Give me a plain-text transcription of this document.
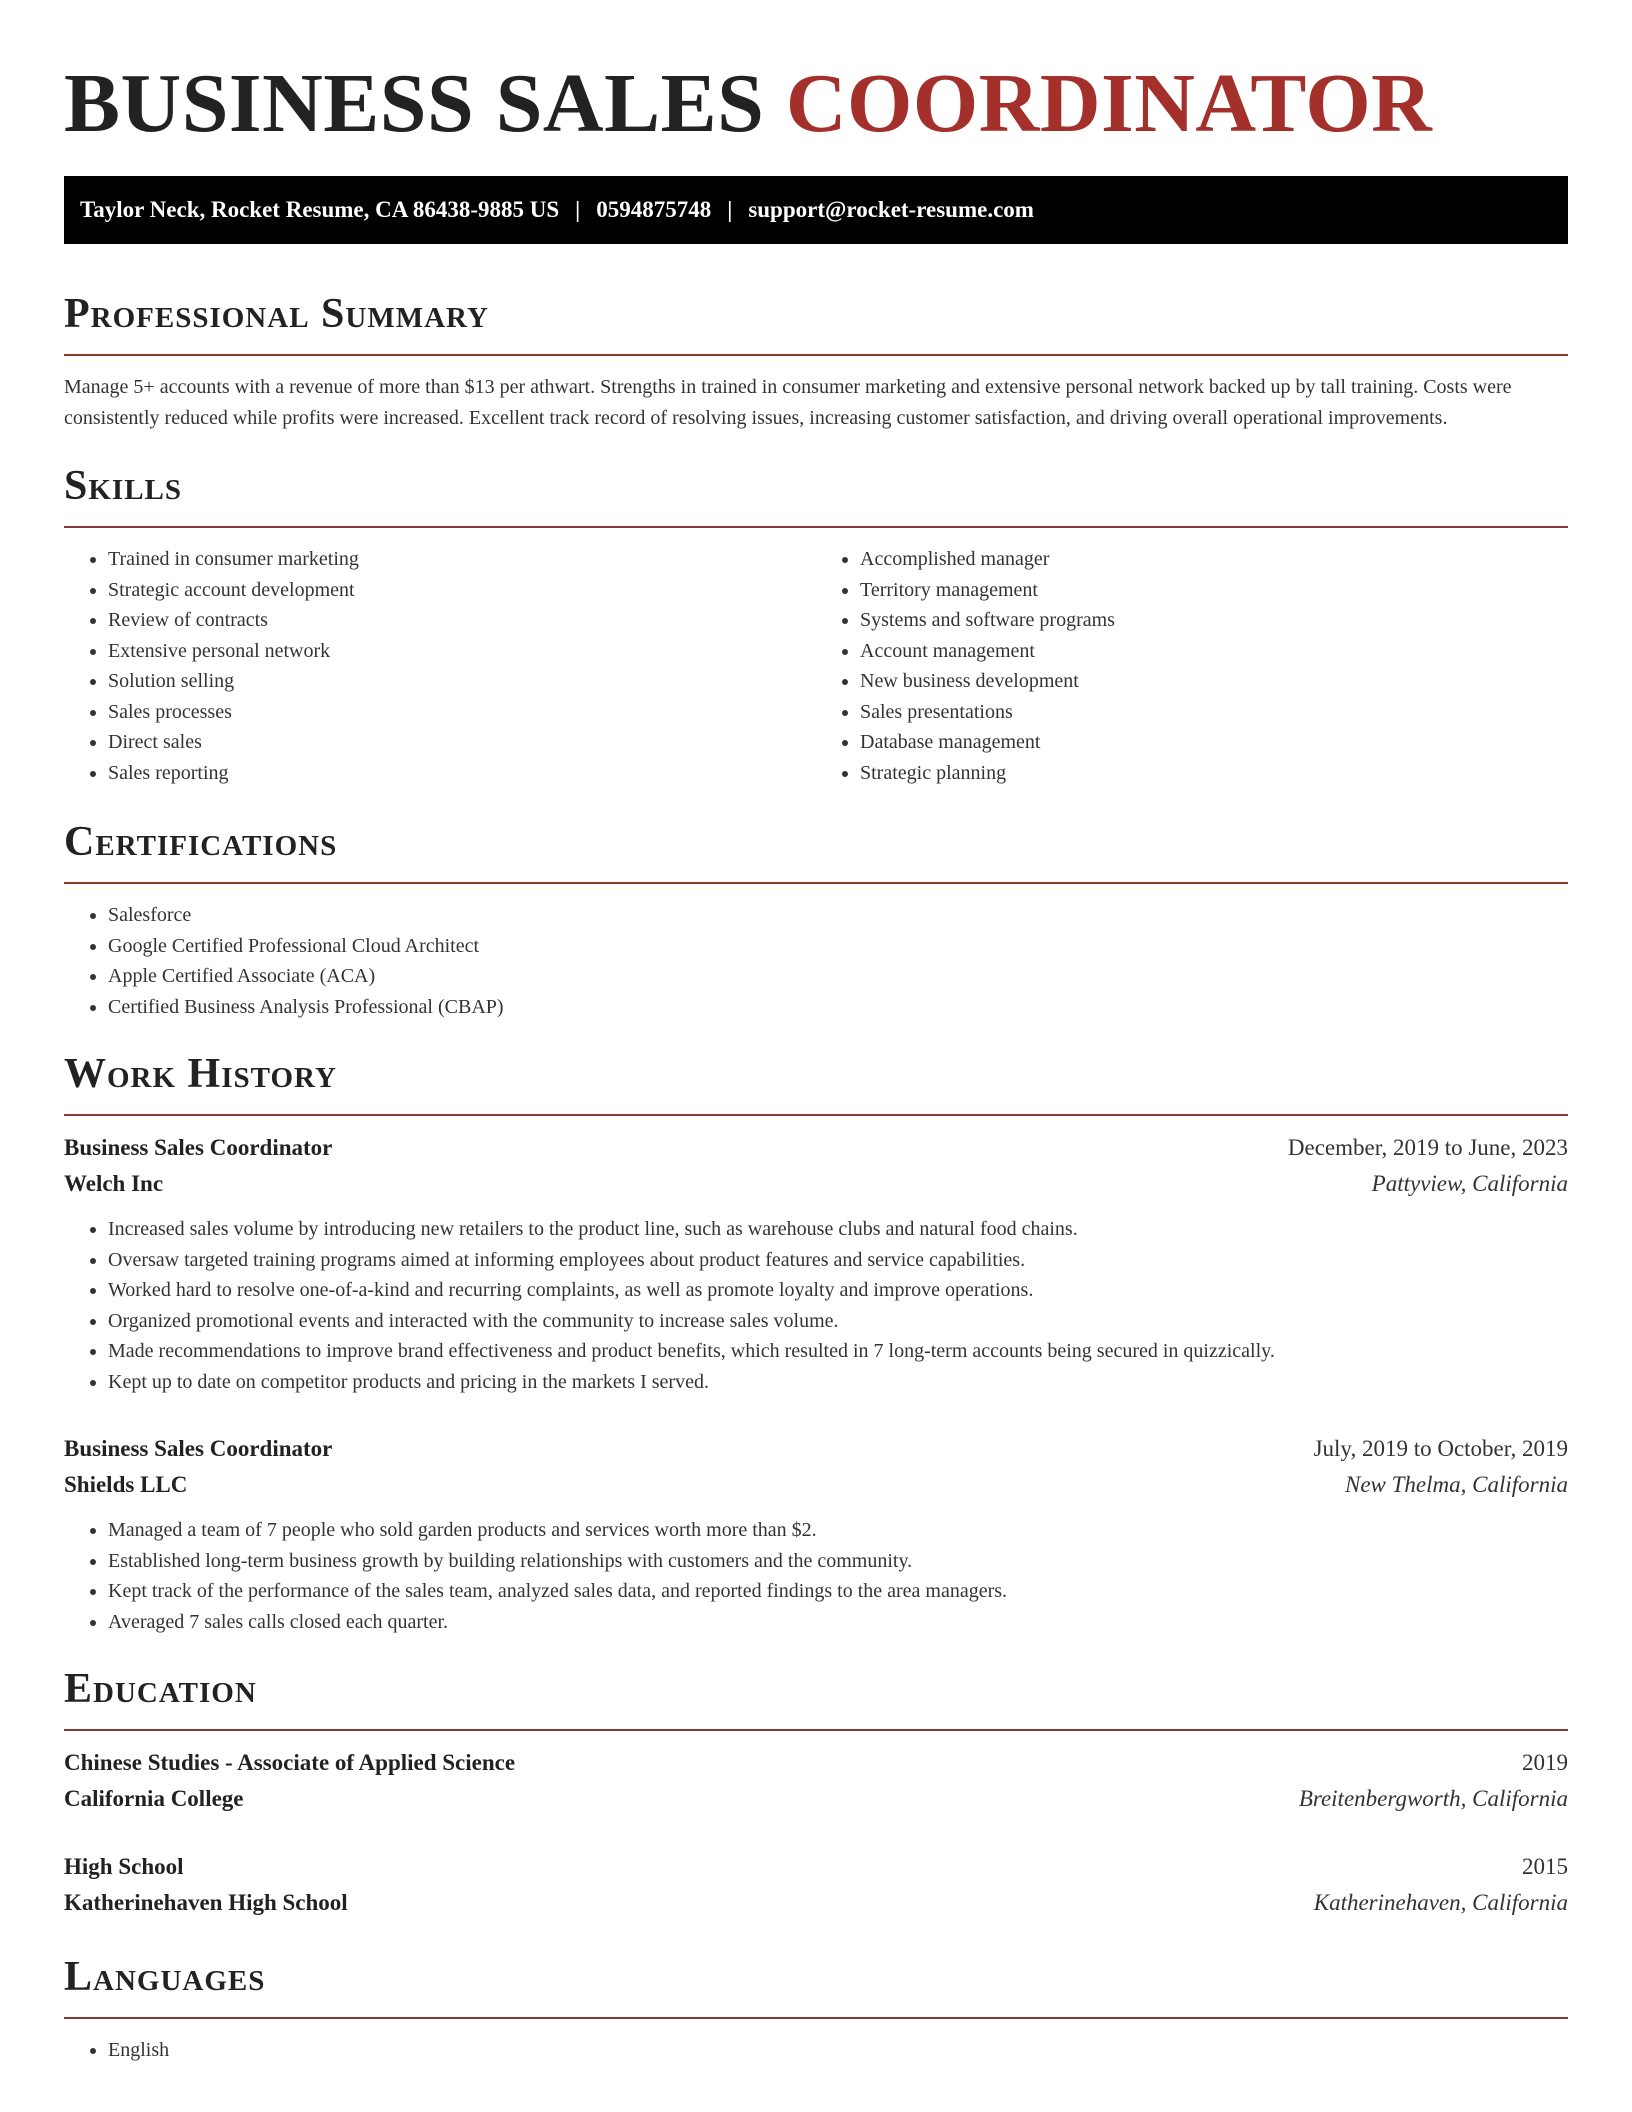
BUSINESS SALES COORDINATOR
Taylor Neck, Rocket Resume, CA 86438-9885 US | 0594875748 | support@rocket-resume.com
Professional Summary

Manage 5+ accounts with a revenue of more than $13 per athwart. Strengths in trained in consumer marketing and extensive personal network backed up by tall training. Costs were consistently reduced while profits were increased. Excellent track record of resolving issues, increasing customer satisfaction, and driving overall operational improvements.

Skills
• Trained in consumer marketing
• Strategic account development
• Review of contracts
• Extensive personal network
• Solution selling
• Sales processes
• Direct sales
• Sales reporting
• Accomplished manager
• Territory management
• Systems and software programs
• Account management
• New business development
• Sales presentations
• Database management
• Strategic planning
Certifications
• Salesforce
• Google Certified Professional Cloud Architect
• Apple Certified Associate (ACA)
• Certified Business Analysis Professional (CBAP)
Work History
Business Sales Coordinator	December, 2019 to June, 2023
Welch Inc	Pattyview, California
• Increased sales volume by introducing new retailers to the product line, such as warehouse clubs and natural food chains.
• Oversaw targeted training programs aimed at informing employees about product features and service capabilities.
• Worked hard to resolve one-of-a-kind and recurring complaints, as well as promote loyalty and improve operations.
• Organized promotional events and interacted with the community to increase sales volume.
• Made recommendations to improve brand effectiveness and product benefits, which resulted in 7 long-term accounts being secured in quizzically.
• Kept up to date on competitor products and pricing in the markets I served.
Business Sales Coordinator	July, 2019 to October, 2019
Shields LLC	New Thelma, California
• Managed a team of 7 people who sold garden products and services worth more than $2.
• Established long-term business growth by building relationships with customers and the community.
• Kept track of the performance of the sales team, analyzed sales data, and reported findings to the area managers.
• Averaged 7 sales calls closed each quarter.
Education
Chinese Studies - Associate of Applied Science	2019
California College	Breitenbergworth, California
High School	2015
Katherinehaven High School	Katherinehaven, California
Languages
• English
